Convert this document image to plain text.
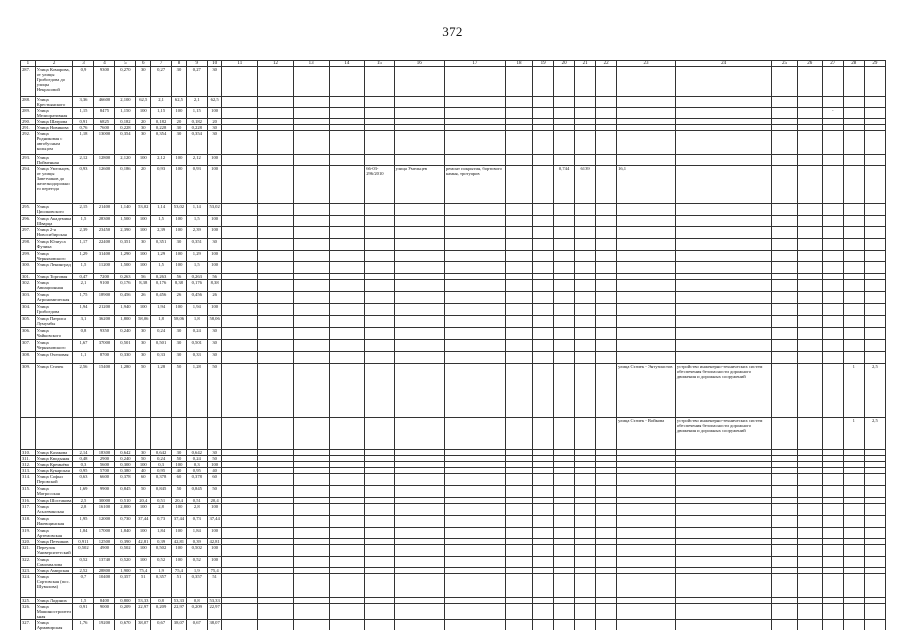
372
1	2	3	4	5	6	7	8	9	10	11	12	13	14	15	16	17	18	19	20	21	22	23	24	25	26	27	28	29
287.	Улица Комарова, от улицы Грибоедова до улицы Некрасовой	0,9	9300	0,270	30	0,27	30	0,27	30																			
288.	Улица Крестьянского	3,36	46600	2,100	62,5	2,1	62,5	2,1	62,5																			
289.	Улица Мелиоративная	1,15	8475	1,150	100	1,15	100	1,15	100																	-		
290.	Улица Шатрова	0,91	6825	0,182	20	0,182	20	0,182	20																			
291.	Улица Новикова	0,76	7600	0,228	30	0,228	30	0,228	30																			
292.	Улица Родниковая с автобусным кольцом	1,18	13000	0,354	30	0,354	30	0,354	30																			
293.	Улица Пойменная	2,12	12800	2,120	100	2,12	100	2,12	100																			
294.	Улица Умельцев, от улицы Заветчиков до железнодорожного переезда	0,93	12600	0,186	20	0,93	100	0,93	100					66-03-296/2010	улица Умельцев	ремонт покрытия, бортового камня, тротуаров			0,744	6139		16,1						
295.	Улица Циолковского	2,15	21400	1,140	53,02	1,14	53,02	1,14	53,02																			
296.	Улица Академика Шварца	1,5	28300	1,500	100	1,5	100	1,5	100																			
297.	Улица 2-я Новосибирская	2,39	23450	2,390	100	2,39	100	2,39	100																			
298.	Улица Юлиуса Фучика	1,17	22400	0,351	30	0,351	30	0,351	30																			
299.	Улица Черняховского	1,29	31400	1,290	100	1,29	100	1,29	100																			
300.	Улица Ленинград	1,5	11200	1,500	100	1,5	100	1,5	100																			
301.	Улица Торговая	0,47	7200	0,263	56	0,263	56	0,263	56																			
302.	Улица Авиационная	2,1	9100	0,176	8,38	0,176	8,38	0,176	8,38																			
303.	Улица Агрономическая	1,75	18900	0,456	26	0,456	26	0,456	26																			
304.	Улица Грибоедова	1,94	21200	1,940	100	1,94	100	1,94	100																			
305.	Улица Патриса Лумумбы	3,1	36200	1,800	58,06	1,8	58,06	1,8	58,06																			
306.	Улица Чайковского	0,8	9350	0,240	30	0,24	30	0,24	30																			
307.	Улица Черняховского	1,67	37000	0,501	30	0,501	30	0,501	30																			
308.	Улица Очеповая	1,1	8700	0,330	30	0,33	30	0,33	30																			
309.	Улица Стачек	2,56	15400	1,280	50	1,28	50	1,28	50													улица Стачек - Энтузиастов	устройство инженерно-технических систем обеспечения безопасности дорожного движения и дорожных сооружений				1	2,5
																						улица Стачек - Войкова	устройство инженерно-технических систем обеспечения безопасности дорожного движения и дорожных сооружений				1	2,5
310.	Улица Казакова	2,14	18300	0,642	30	0,642	30	0,642	30																			
311.	Улица Кводыная	0,48	2900	0,240	50	0,24	50	0,24	50																			
312.	Улица Кремнёва	0,3	5600	0,300	100	0,3	100	0,3	100																			
313.	Улица Кукарская	0,95	5700	0,380	40	0,95	40	0,95	40																			
314.	Улица Софьи Перовской	0,63	6600	0,378	60	0,378	60	0,378	60																			
315.	Улица Матросская	1,69	9900	0,845	50	0,845	50	0,845	50																			
316.	Улица Шостакова	2,5	30000	0,510	20,4	0,51	20,4	0,51	20,4																			
317.	Улица Асьлевинская	2,8	16100	2,800	100	2,8	100	2,8	100																			
318.	Улица Ижевщинская	1,95	12000	0,730	37,44	0,73	37,44	0,73	37,44																			
319.	Улица Артемовская	1,84	17000	1,840	100	1,84	100	1,84	100																			
320.	Улица Петчиков	0,911	12500	0,390	42,81	0,39	42,81	0,39	42,81																			
321.	Переулок Университетский	0,502	4900	0,502	100	0,502	100	0,502	100																			
322.	Улица Самохвалова	0,52	13740	0,520	100	0,52	100	0,52	100																			
323.	Улица Амирская	2,52	28800	1,900	75,4	1,9	75,4	1,9	75,4																			
324.	Улица Сортовская (пос. Шувалова)	0,7	10400	0,357	51	0,357	51	0,357	51																			
325.	Улица Ладиних	1,5	8400	0,800	53,33	0,8	53,33	0,8	53,33																			
326.	Улица Машиностроительная	0,91	9000	0,209	22,97	0,209	22,97	0,209	22,97																			
327.	Улица Армавирская	1,76	19200	0,670	38,07	0,67	38,07	0,67	38,07																			
